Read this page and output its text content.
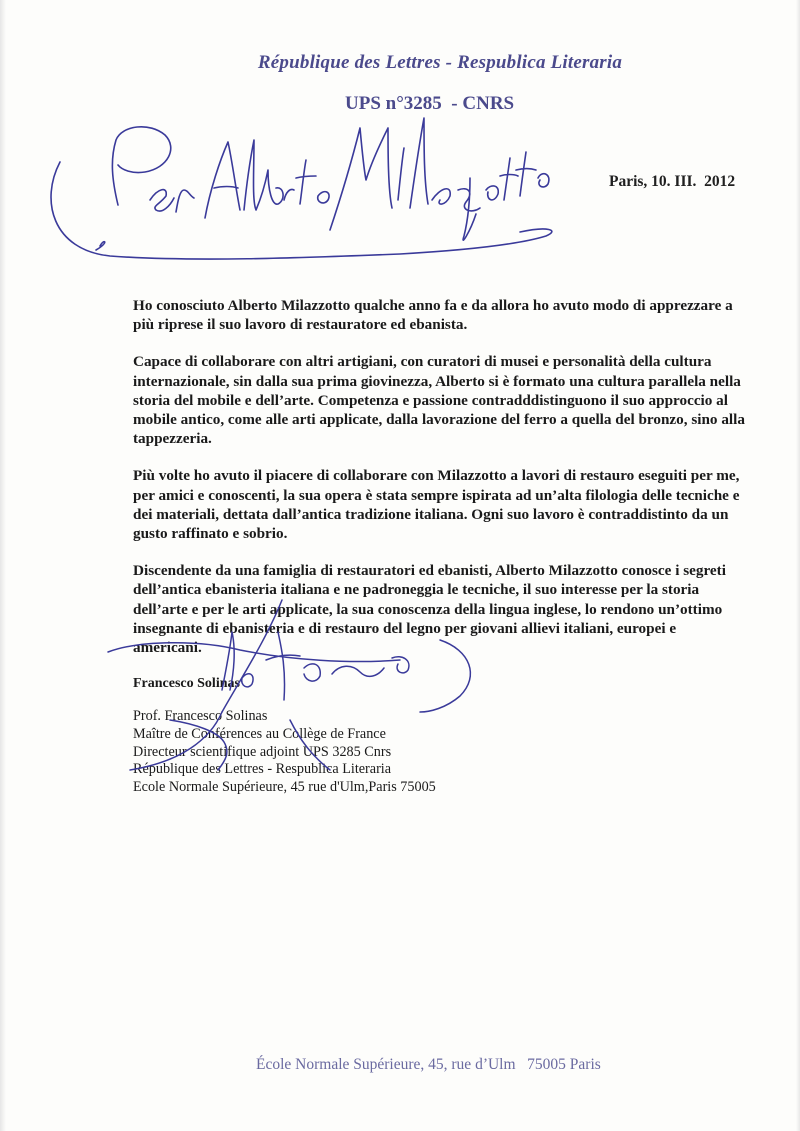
République des Lettres - Respublica Literaria
UPS n°3285  - CNRS
Paris, 10. III.  2012

Ho conosciuto Alberto Milazzotto qualche anno fa e da allora ho avuto modo di apprezzare a più riprese il suo lavoro di restauratore ed ebanista.

Capace di collaborare con altri artigiani, con curatori di musei e personalità della cultura internazionale, sin dalla sua prima giovinezza, Alberto si è formato una cultura parallela nella storia del mobile e dell’arte. Competenza e passione contradddistinguono il suo approccio al mobile antico, come alle arti applicate, dalla lavorazione del ferro a quella del bronzo, sino alla tappezzeria.

Più volte ho avuto il piacere di collaborare con Milazzotto a lavori di restauro eseguiti per me, per amici e conoscenti, la sua opera è stata sempre ispirata ad un’alta filologia delle tecniche e dei materiali, dettata dall’antica tradizione italiana. Ogni suo lavoro è contraddistinto da un gusto raffinato e sobrio.

Discendente da una famiglia di restauratori ed ebanisti, Alberto Milazzotto conosce i segreti dell’antica ebanisteria italiana e ne padroneggia le tecniche, il suo interesse per la storia dell’arte e per le arti applicate, la sua conoscenza della lingua inglese, lo rendono un’ottimo insegnante di ebanisteria e di restauro del legno per giovani allievi italiani, europei e americani.

Francesco Solinas
Prof. Francesco Solinas
Maître de Conférences au Collège de France
Directeur scientifique adjoint UPS 3285 Cnrs
République des Lettres - Respublica Literaria
Ecole Normale Supérieure, 45 rue d'Ulm,Paris 75005
École Normale Supérieure, 45, rue d’Ulm   75005 Paris
